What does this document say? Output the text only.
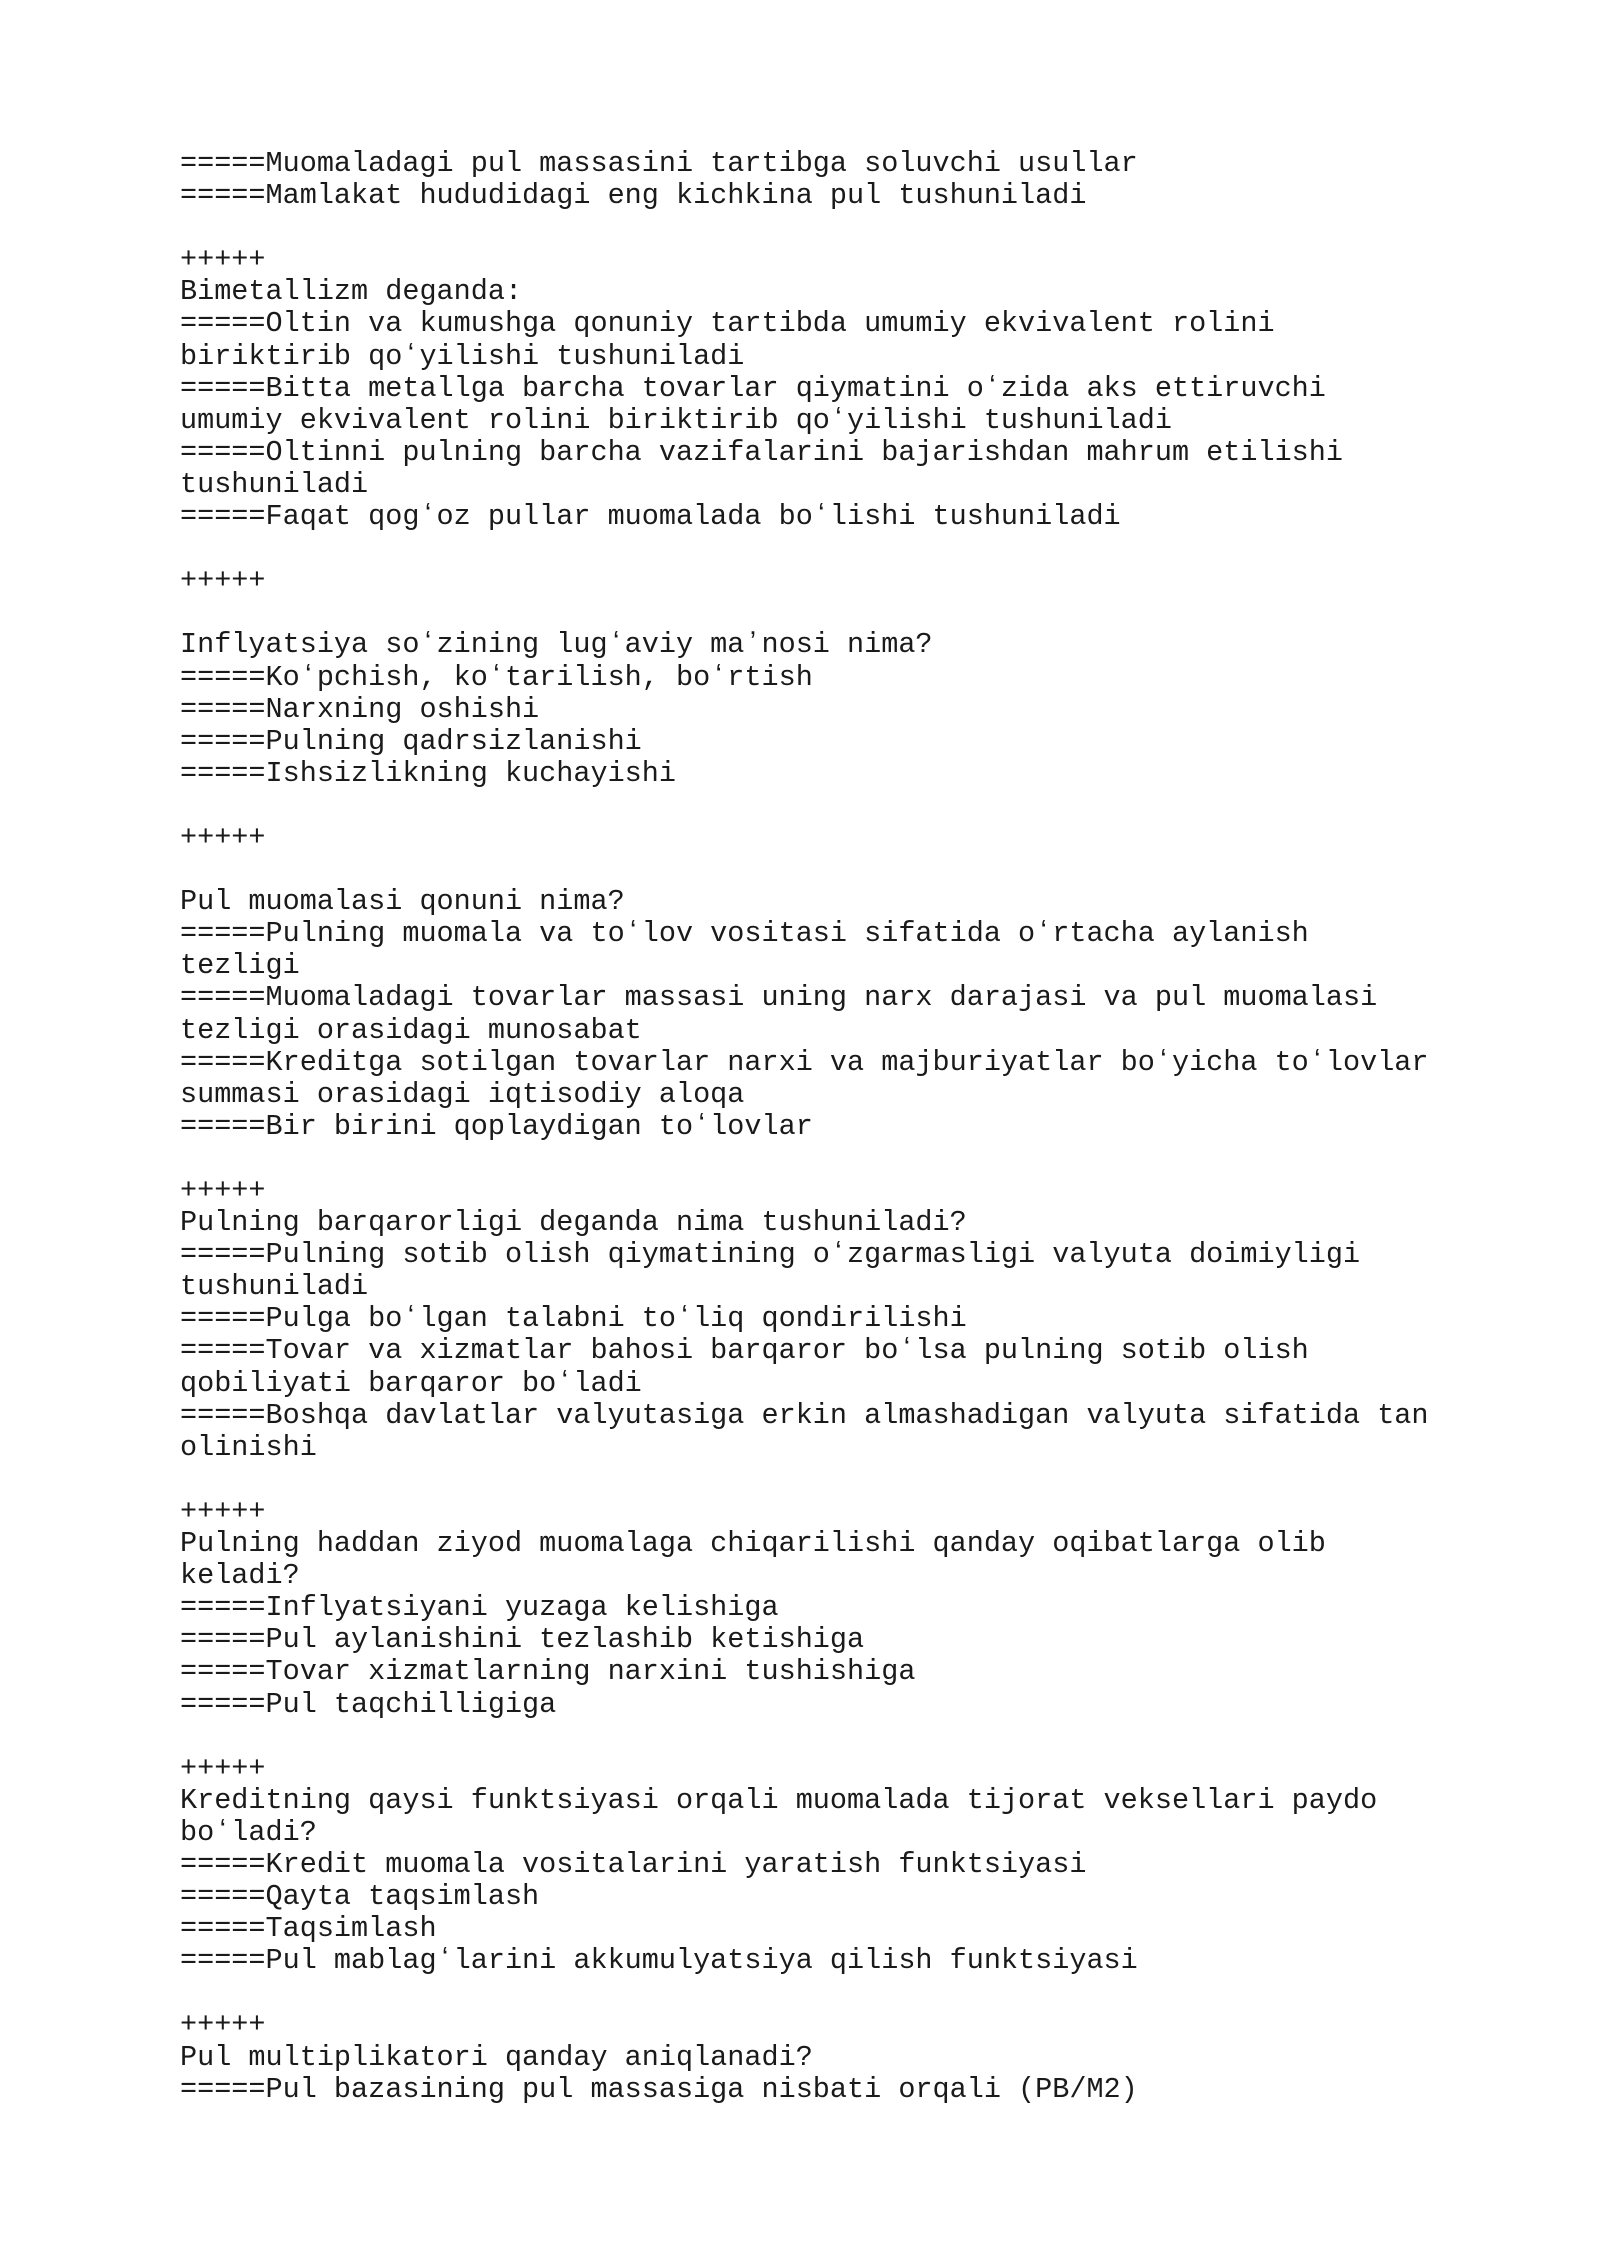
=====Muomaladagi pul massasini tartibga soluvchi usullar
=====Mamlakat hududidagi eng kichkina pul tushuniladi
+++++
Bimetallizm deganda:
=====Oltin va kumushga qonuniy tartibda umumiy ekvivalent rolini
biriktirib qoʻyilishi tushuniladi
=====Bitta metallga barcha tovarlar qiymatini oʻzida aks ettiruvchi
umumiy ekvivalent rolini biriktirib qoʻyilishi tushuniladi
=====Oltinni pulning barcha vazifalarini bajarishdan mahrum etilishi
tushuniladi
=====Faqat qogʻoz pullar muomalada boʻlishi tushuniladi
+++++
Inflyatsiya soʻzining lugʻaviy maʼnosi nima?
=====Koʻpchish, koʻtarilish, boʻrtish
=====Narxning oshishi
=====Pulning qadrsizlanishi
=====Ishsizlikning kuchayishi
+++++
Pul muomalasi qonuni nima?
=====Pulning muomala va toʻlov vositasi sifatida oʻrtacha aylanish
tezligi
=====Muomaladagi tovarlar massasi uning narx darajasi va pul muomalasi
tezligi orasidagi munosabat
=====Kreditga sotilgan tovarlar narxi va majburiyatlar boʻyicha toʻlovlar
summasi orasidagi iqtisodiy aloqa
=====Bir birini qoplaydigan toʻlovlar
+++++
Pulning barqarorligi deganda nima tushuniladi?
=====Pulning sotib olish qiymatining oʻzgarmasligi valyuta doimiyligi
tushuniladi
=====Pulga boʻlgan talabni toʻliq qondirilishi
=====Tovar va xizmatlar bahosi barqaror boʻlsa pulning sotib olish
qobiliyati barqaror boʻladi
=====Boshqa davlatlar valyutasiga erkin almashadigan valyuta sifatida tan
olinishi
+++++
Pulning haddan ziyod muomalaga chiqarilishi qanday oqibatlarga olib
keladi?
=====Inflyatsiyani yuzaga kelishiga
=====Pul aylanishini tezlashib ketishiga
=====Tovar xizmatlarning narxini tushishiga
=====Pul taqchilligiga
+++++
Kreditning qaysi funktsiyasi orqali muomalada tijorat veksellari paydo
boʻladi?
=====Kredit muomala vositalarini yaratish funktsiyasi
=====Qayta taqsimlash
=====Taqsimlash
=====Pul mablagʻlarini akkumulyatsiya qilish funktsiyasi
+++++
Pul multiplikatori qanday aniqlanadi?
=====Pul bazasining pul massasiga nisbati orqali (PB/M2)
